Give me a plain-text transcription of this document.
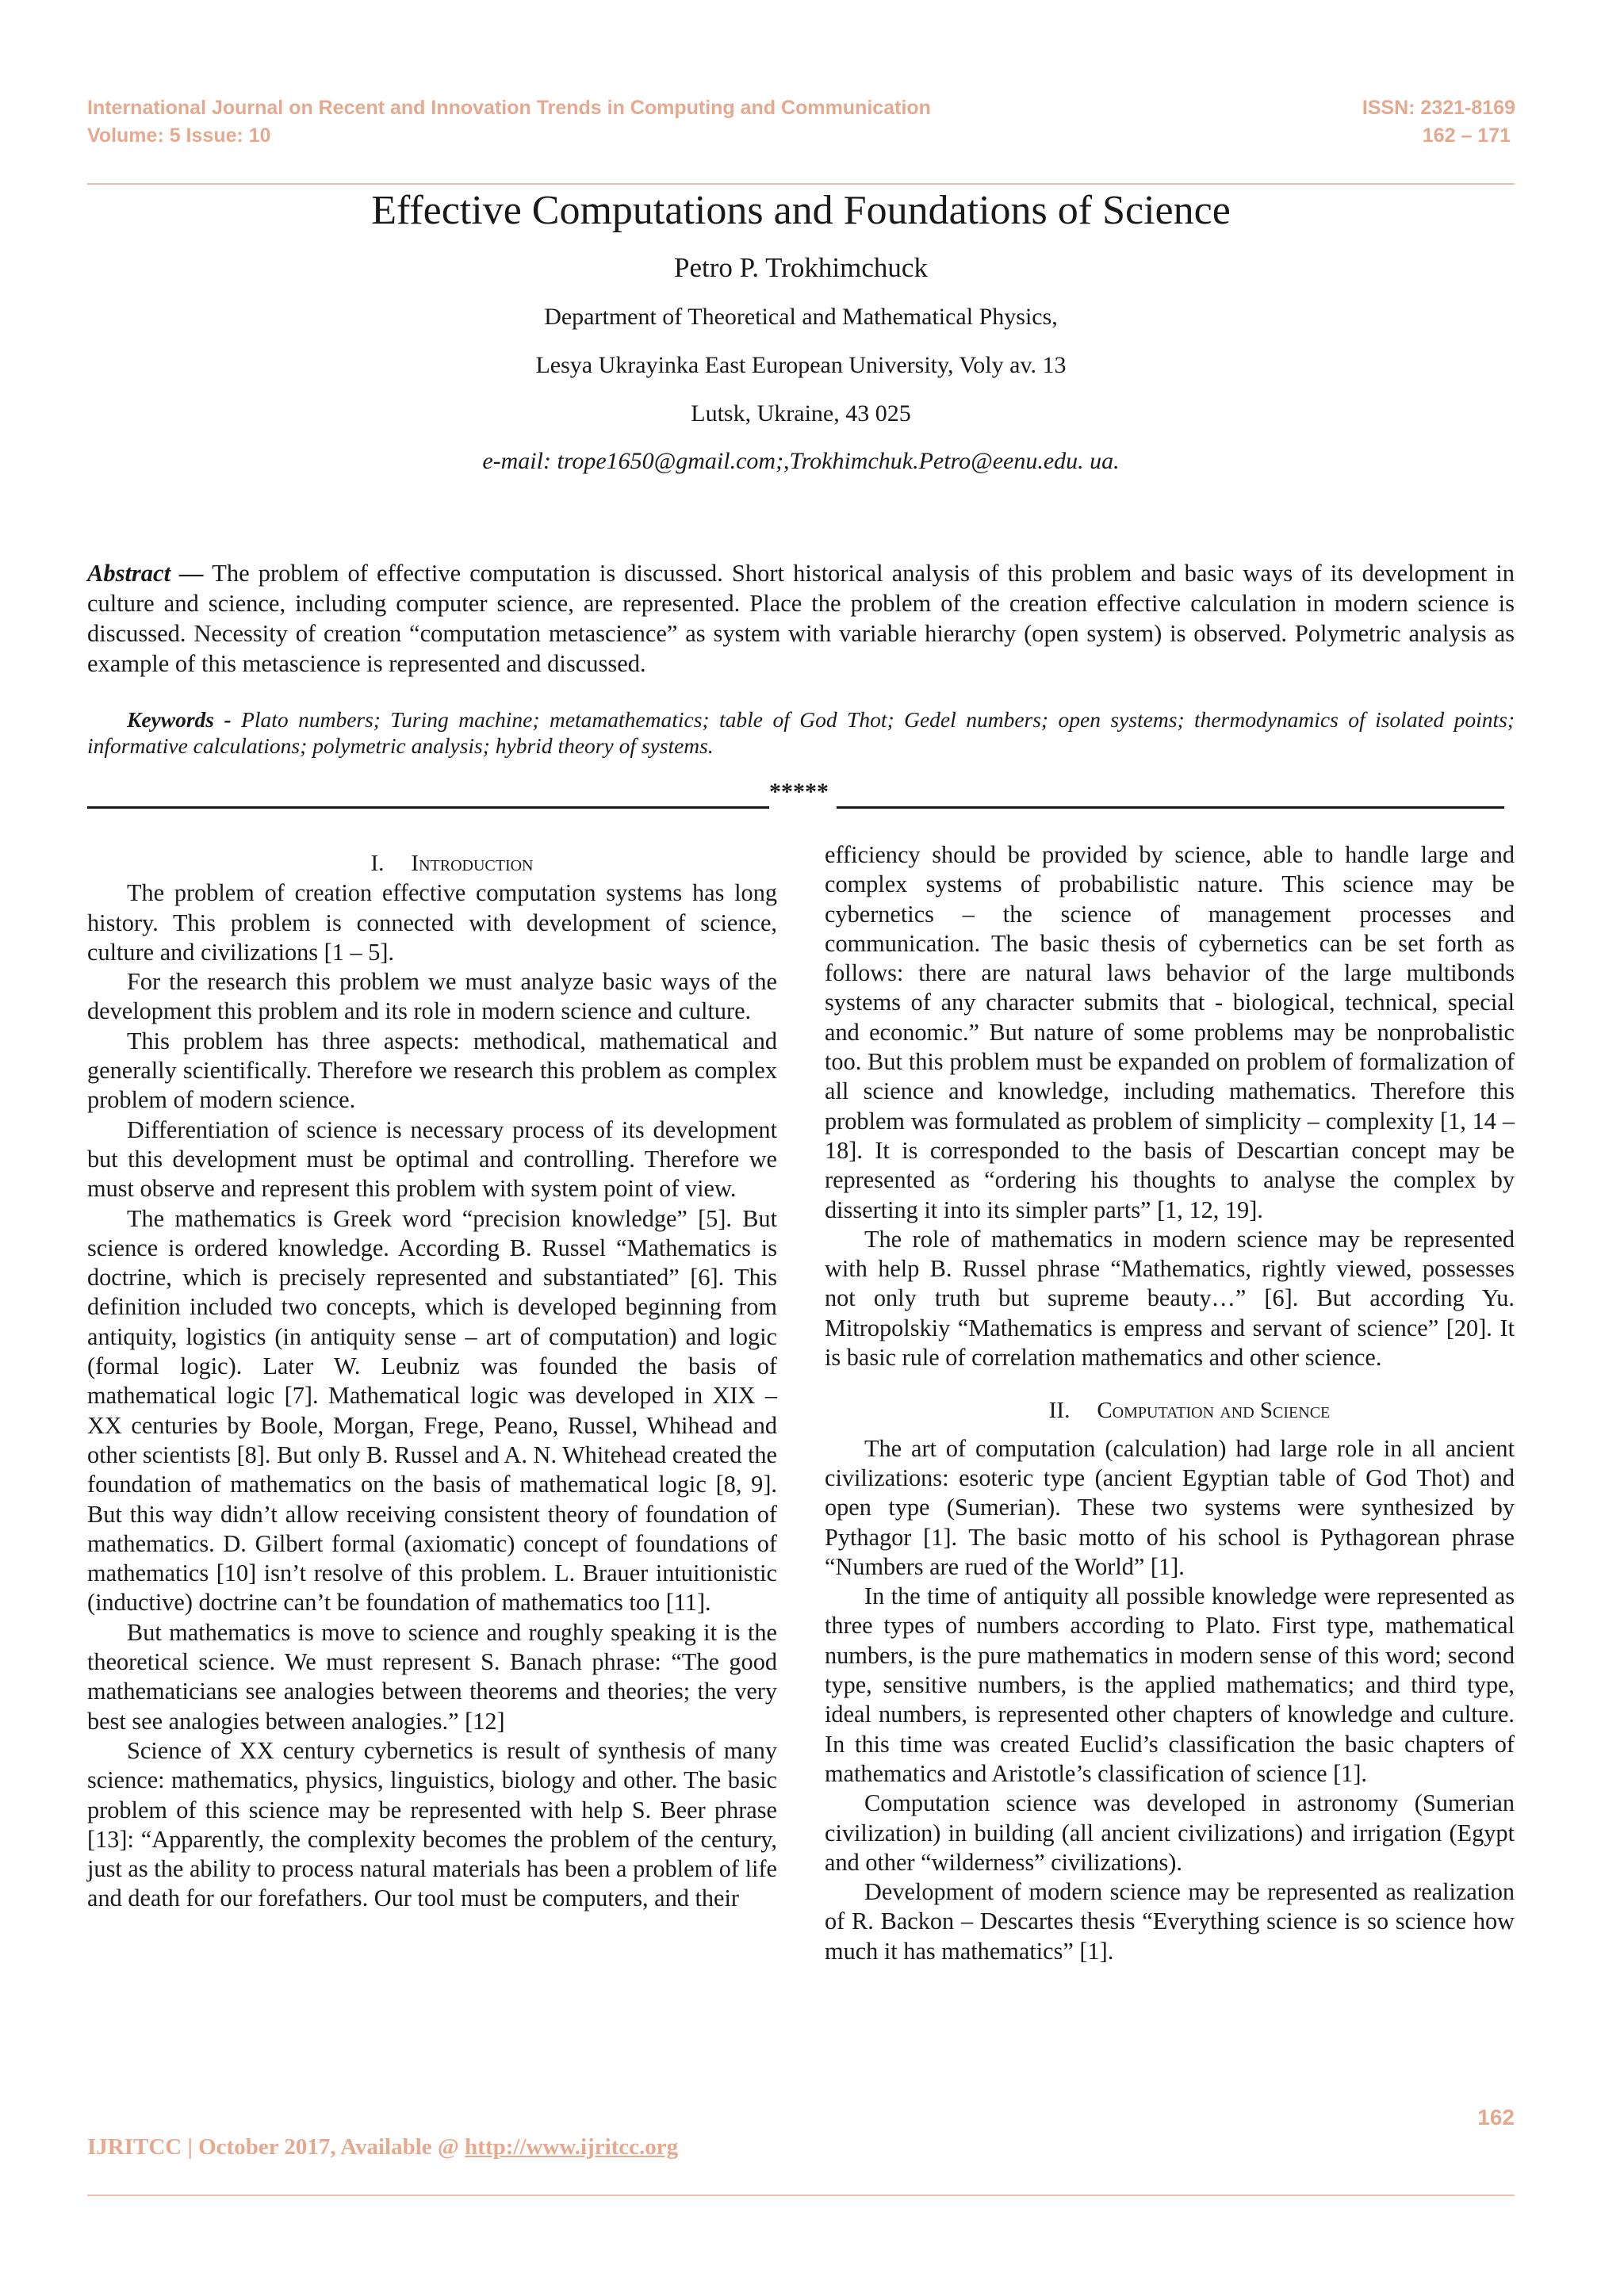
International Journal on Recent and Innovation Trends in Computing and Communication
Volume: 5 Issue: 10
ISSN: 2321-8169
162 – 171
Effective Computations and Foundations of Science
Petro P. Trokhimchuck
Department of Theoretical and Mathematical Physics,
Lesya Ukrayinka East European University, Voly av. 13
Lutsk, Ukraine, 43 025
e-mail: trope1650@gmail.com;,Trokhimchuk.Petro@eenu.edu. ua.
Abstract — The problem of effective computation is discussed. Short historical analysis of this problem and basic ways of its development in culture and science, including computer science, are represented. Place the problem of the creation effective calculation in modern science is discussed. Necessity of creation “computation metascience” as system with variable hierarchy (open system) is observed. Polymetric analysis as example of this metascience is represented and discussed.
Keywords - Plato numbers; Turing machine; metamathematics; table of God Thot; Gedel numbers; open systems; thermodynamics of isolated points; informative calculations; polymetric analysis; hybrid theory of systems.
*****

I. Introduction

The problem of creation effective computation systems has long history. This problem is connected with development of science, culture and civilizations [1 – 5].

For the research this problem we must analyze basic ways of the development this problem and its role in modern science and culture.

This problem has three aspects: methodical, mathematical and generally scientifically. Therefore we research this problem as complex problem of modern science.

Differentiation of science is necessary process of its development but this development must be optimal and controlling. Therefore we must observe and represent this problem with system point of view.

The mathematics is Greek word “precision knowledge” [5]. But science is ordered knowledge. According B. Russel “Mathematics is doctrine, which is precisely represented and substantiated” [6]. This definition included two concepts, which is developed beginning from antiquity, logistics (in antiquity sense – art of computation) and logic (formal logic). Later W. Leubniz was founded the basis of mathematical logic [7]. Mathematical logic was developed in XIX – XX centuries by Boole, Morgan, Frege, Peano, Russel, Whihead and other scientists [8]. But only B. Russel and A. N. Whitehead created the foundation of mathematics on the basis of mathematical logic [8, 9]. But this way didn’t allow receiving consistent theory of foundation of mathematics. D. Gilbert formal (axiomatic) concept of foundations of mathematics [10] isn’t resolve of this problem. L. Brauer intuitionistic (inductive) doctrine can’t be foundation of mathematics too [11].

But mathematics is move to science and roughly speaking it is the theoretical science. We must represent S. Banach phrase: “The good mathematicians see analogies between theorems and theories; the very best see analogies between analogies.” [12]

Science of XX century cybernetics is result of synthesis of many science: mathematics, physics, linguistics, biology and other. The basic problem of this science may be represented with help S. Beer phrase [13]: “Apparently, the complexity becomes the problem of the century, just as the ability to process natural materials has been a problem of life and death for our forefathers. Our tool must be computers, and their

efficiency should be provided by science, able to handle large and complex systems of probabilistic nature. This science may be cybernetics – the science of management processes and communication. The basic thesis of cybernetics can be set forth as follows: there are natural laws behavior of the large multibonds systems of any character submits that - biological, technical, special and economic.” But nature of some problems may be nonprobalistic too. But this problem must be expanded on problem of formalization of all science and knowledge, including mathematics. Therefore this problem was formulated as problem of simplicity – complexity [1, 14 – 18]. It is corresponded to the basis of Descartian concept may be represented as “ordering his thoughts to analyse the complex by disserting it into its simpler parts” [1, 12, 19].

The role of mathematics in modern science may be represented with help B. Russel phrase “Mathematics, rightly viewed, possesses not only truth but supreme beauty…” [6]. But according Yu. Mitropolskiy “Mathematics is empress and servant of science” [20]. It is basic rule of correlation mathematics and other science.

II. Computation and Science

The art of computation (calculation) had large role in all ancient civilizations: esoteric type (ancient Egyptian table of God Thot) and open type (Sumerian). These two systems were synthesized by Pythagor [1]. The basic motto of his school is Pythagorean phrase “Numbers are rued of the World” [1].

In the time of antiquity all possible knowledge were represented as three types of numbers according to Plato. First type, mathematical numbers, is the pure mathematics in modern sense of this word; second type, sensitive numbers, is the applied mathematics; and third type, ideal numbers, is represented other chapters of knowledge and culture. In this time was created Euclid’s classification the basic chapters of mathematics and Aristotle’s classification of science [1].

Computation science was developed in astronomy (Sumerian civilization) in building (all ancient civilizations) and irrigation (Egypt and other “wilderness” civilizations).

Development of modern science may be represented as realization of R. Backon – Descartes thesis “Everything science is so science how much it has mathematics” [1].

162
IJRITCC | October 2017, Available @ http://www.ijritcc.org
